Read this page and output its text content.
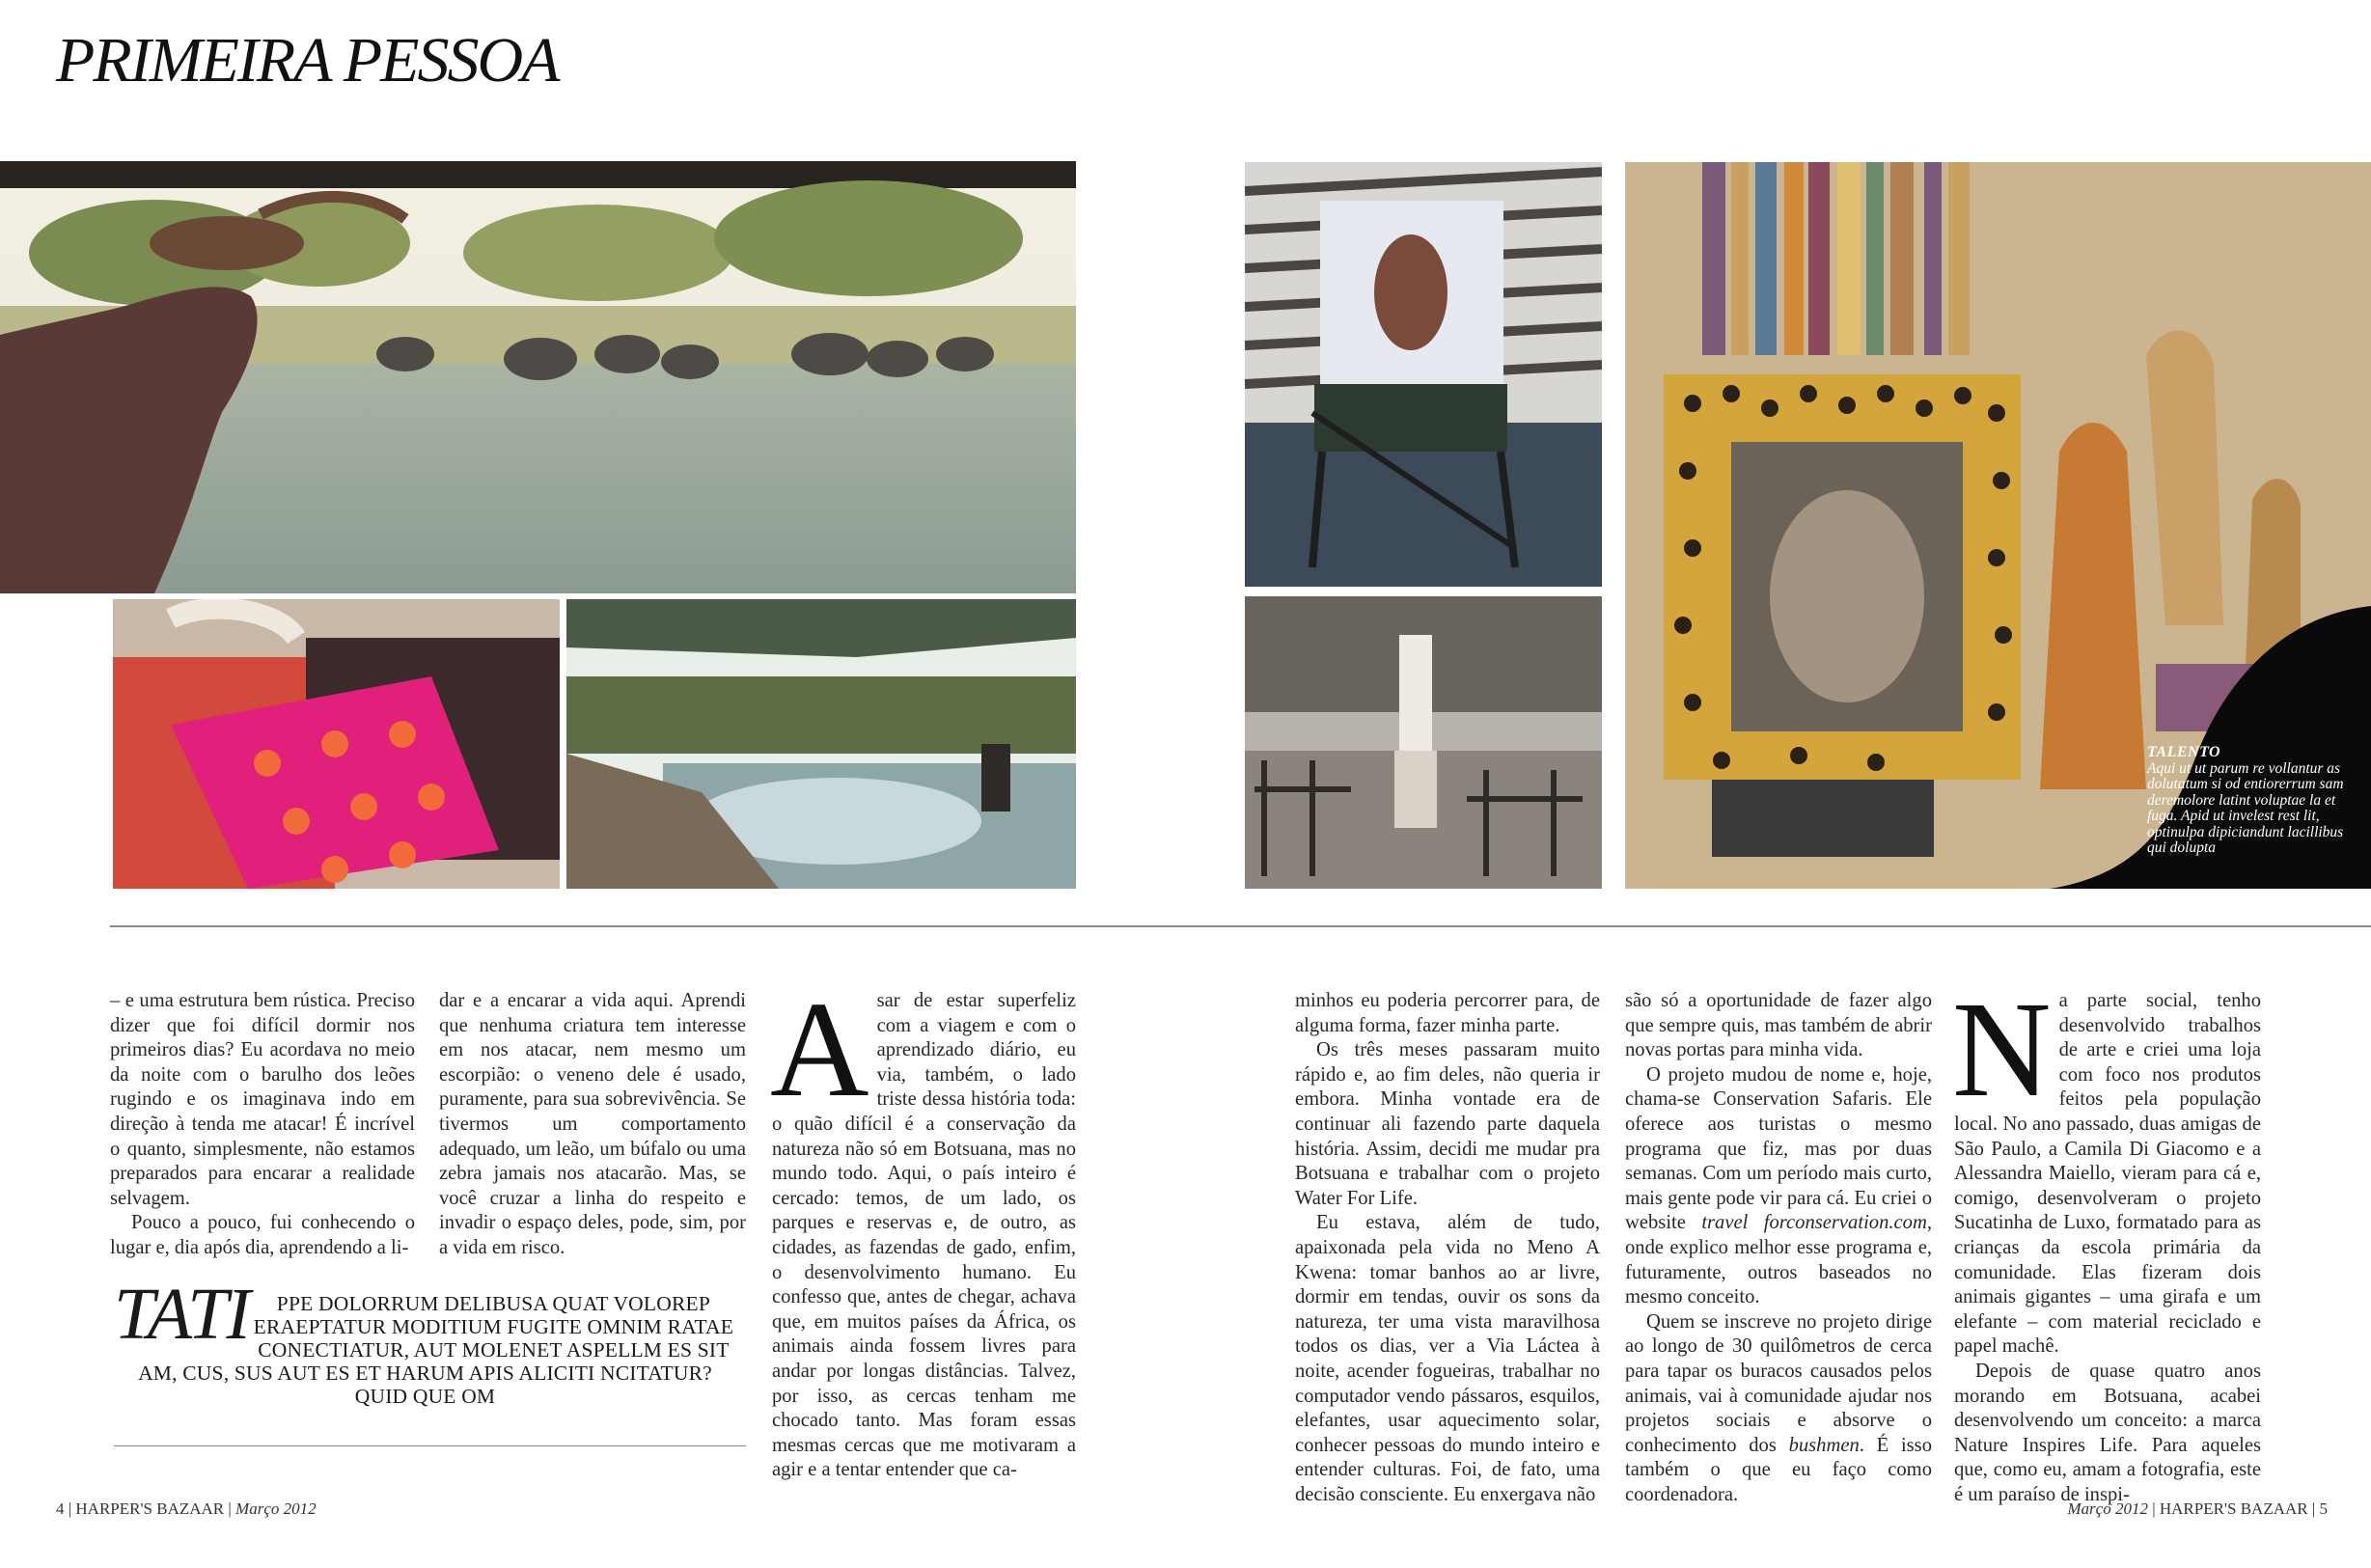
PRIMEIRA PESSOA
TALENTO
Aqui ut ut parum re vollantur as dolutatum si od entiorerrum sam deremolore latint voluptae la et fuga. Apid ut invelest rest lit, optinulpa dipiciandunt lacillibus qui dolupta

– e uma estrutura bem rústica. Preciso dizer que foi difícil dormir nos primeiros dias? Eu acordava no meio da noite com o barulho dos leões rugindo e os imaginava indo em direção à tenda me atacar! É incrível o quanto, simplesmente, não estamos preparados para encarar a realidade selvagem.

Pouco a pouco, fui conhecendo o lugar e, dia após dia, aprendendo a li-

dar e a encarar a vida aqui. Aprendi que nenhuma criatura tem interesse em nos atacar, nem mesmo um escorpião: o veneno dele é usado, puramente, para sua sobrevivência. Se tivermos um comportamento adequado, um leão, um búfalo ou uma zebra jamais nos atacarão. Mas, se você cruzar a linha do respeito e invadir o espaço deles, pode, sim, por a vida em risco.

TATI	PPE DOLORRUM DELIBUSA QUAT VOLOREP ERAEPTATUR MODITIUM FUGITE OMNIM RATAE CONECTIATUR, AUT MOLENET ASPELLM ES SIT AM, CUS, SUS AUT ES ET HARUM APIS ALICITI NCITATUR? QUID QUE OM

Asar de estar superfeliz com a viagem e com o aprendizado diário, eu via, também, o lado triste dessa história toda: o quão difícil é a conservação da natureza não só em Botsuana, mas no mundo todo. Aqui, o país inteiro é cercado: temos, de um lado, os parques e reservas e, de outro, as cidades, as fazendas de gado, enfim, o desenvolvimento humano. Eu confesso que, antes de chegar, achava que, em muitos países da África, os animais ainda fossem livres para andar por longas distâncias. Talvez, por isso, as cercas tenham me chocado tanto. Mas foram essas mesmas cercas que me motivaram a agir e a tentar entender que ca-

minhos eu poderia percorrer para, de alguma forma, fazer minha parte.

Os três meses passaram muito rápido e, ao fim deles, não queria ir embora. Minha vontade era de continuar ali fazendo parte daquela história. Assim, decidi me mudar pra Botsuana e trabalhar com o projeto Water For Life.

Eu estava, além de tudo, apaixonada pela vida no Meno A Kwena: tomar banhos ao ar livre, dormir em tendas, ouvir os sons da natureza, ter uma vista maravilhosa todos os dias, ver a Via Láctea à noite, acender fogueiras, trabalhar no computador vendo pássaros, esquilos, elefantes, usar aquecimento solar, conhecer pessoas do mundo inteiro e entender culturas. Foi, de fato, uma decisão consciente. Eu enxergava não

são só a oportunidade de fazer algo que sempre quis, mas também de abrir novas portas para minha vida.

O projeto mudou de nome e, hoje, chama-se Conservation Safaris. Ele oferece aos turistas o mesmo programa que fiz, mas por duas semanas. Com um período mais curto, mais gente pode vir para cá. Eu criei o website travel forconservation.com, onde explico melhor esse programa e, futuramente, outros baseados no mesmo conceito.

Quem se inscreve no projeto dirige ao longo de 30 quilômetros de cerca para tapar os buracos causados pelos animais, vai à comunidade ajudar nos projetos sociais e absorve o conhecimento dos bushmen. É isso também o que eu faço como coordenadora.

Na parte social, tenho desenvolvido trabalhos de arte e criei uma loja com foco nos produtos feitos pela população local. No ano passado, duas amigas de São Paulo, a Camila Di Giacomo e a Alessandra Maiello, vieram para cá e, comigo, desenvolveram o projeto Sucatinha de Luxo, formatado para as crianças da escola primária da comunidade. Elas fizeram dois animais gigantes – uma girafa e um elefante – com material reciclado e papel machê.

Depois de quase quatro anos morando em Botsuana, acabei desenvolvendo um conceito: a marca Nature Inspires Life. Para aqueles que, como eu, amam a fotografia, este é um paraíso de inspi-

4 | HARPER'S BAZAAR | Março 2012	Março 2012 | HARPER'S BAZAAR | 5
